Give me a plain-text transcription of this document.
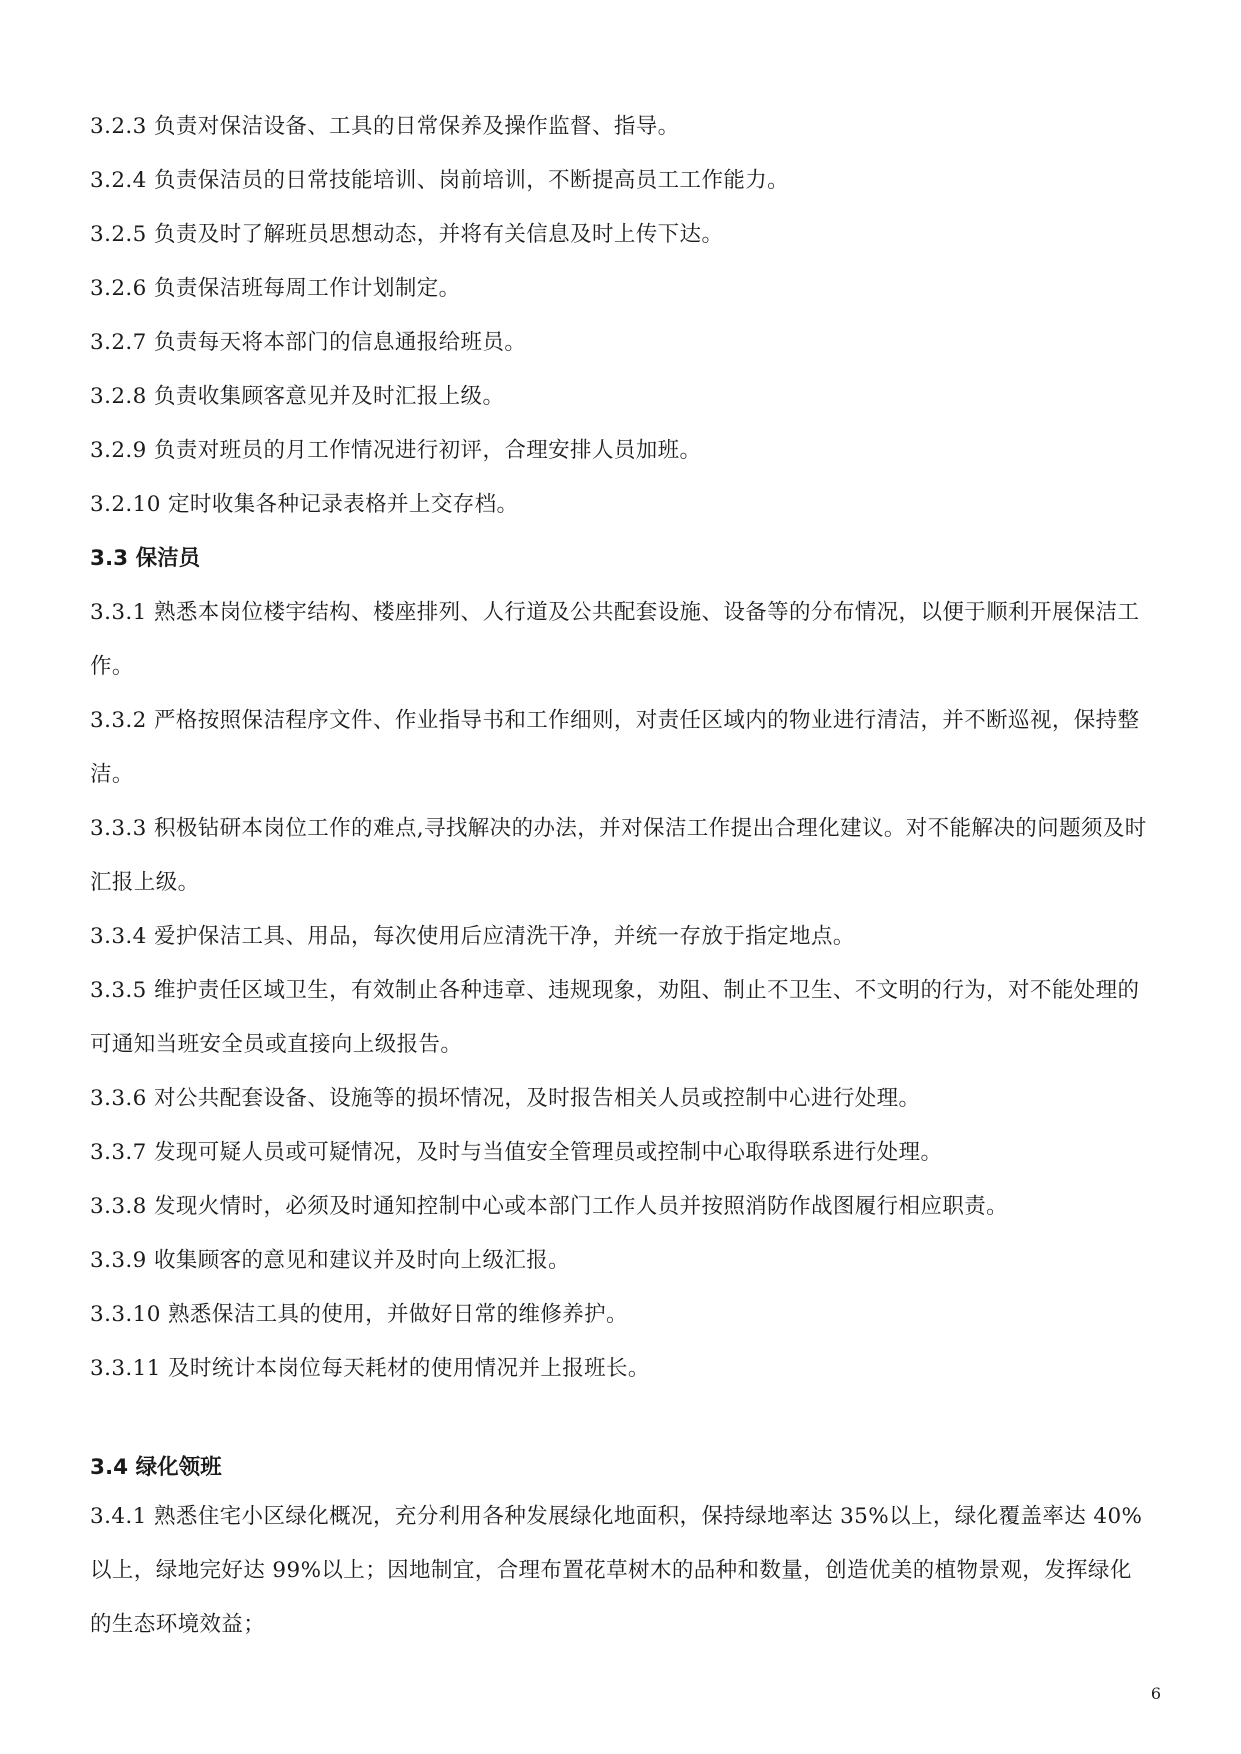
3.2.3 负责对保洁设备、工具的日常保养及操作监督、指导。

3.2.4 负责保洁员的日常技能培训、岗前培训，不断提高员工工作能力。

3.2.5 负责及时了解班员思想动态，并将有关信息及时上传下达。

3.2.6 负责保洁班每周工作计划制定。

3.2.7 负责每天将本部门的信息通报给班员。

3.2.8 负责收集顾客意见并及时汇报上级。

3.2.9 负责对班员的月工作情况进行初评，合理安排人员加班。

3.2.10 定时收集各种记录表格并上交存档。

3.3 保洁员

3.3.1 熟悉本岗位楼宇结构、楼座排列、人行道及公共配套设施、设备等的分布情况，以便于顺利开展保洁工作。

3.3.2 严格按照保洁程序文件、作业指导书和工作细则，对责任区域内的物业进行清洁，并不断巡视，保持整洁。

3.3.3 积极钻研本岗位工作的难点,寻找解决的办法，并对保洁工作提出合理化建议。对不能解决的问题须及时汇报上级。

3.3.4 爱护保洁工具、用品，每次使用后应清洗干净，并统一存放于指定地点。

3.3.5 维护责任区域卫生，有效制止各种违章、违规现象，劝阻、制止不卫生、不文明的行为，对不能处理的可通知当班安全员或直接向上级报告。

3.3.6 对公共配套设备、设施等的损坏情况，及时报告相关人员或控制中心进行处理。

3.3.7 发现可疑人员或可疑情况，及时与当值安全管理员或控制中心取得联系进行处理。

3.3.8 发现火情时，必须及时通知控制中心或本部门工作人员并按照消防作战图履行相应职责。

3.3.9 收集顾客的意见和建议并及时向上级汇报。

3.3.10 熟悉保洁工具的使用，并做好日常的维修养护。

3.3.11 及时统计本岗位每天耗材的使用情况并上报班长。

3.4 绿化领班

3.4.1 熟悉住宅小区绿化概况，充分利用各种发展绿化地面积，保持绿地率达 35%以上，绿化覆盖率达 40%以上，绿地完好达 99%以上；因地制宜，合理布置花草树木的品种和数量，创造优美的植物景观，发挥绿化的生态环境效益；

6
